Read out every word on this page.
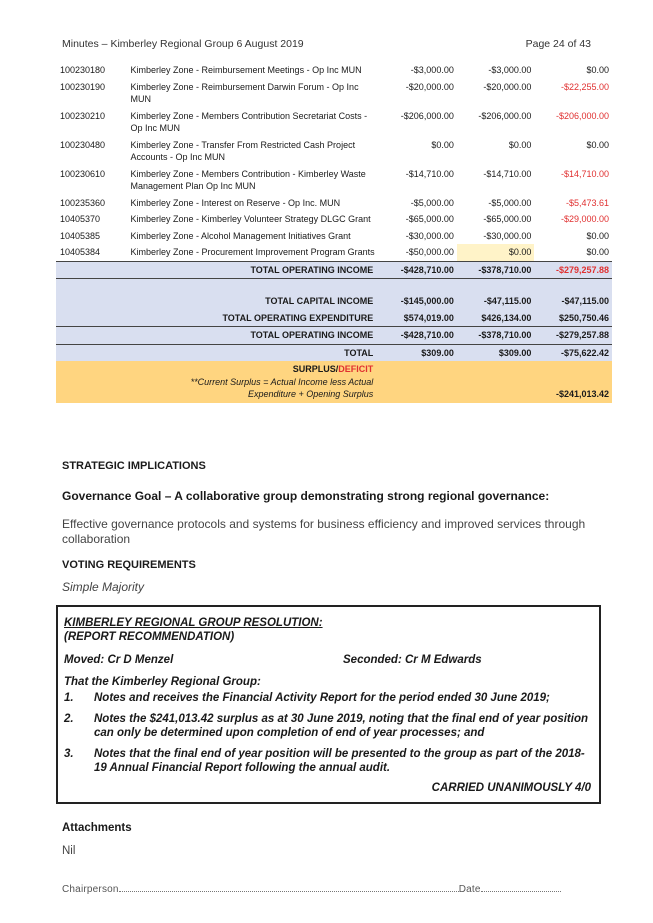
Minutes – Kimberley Regional Group 6 August 2019	Page 24 of 43
100230180	Kimberley Zone - Reimbursement Meetings - Op Inc MUN	-$3,000.00	-$3,000.00	$0.00
100230190	Kimberley Zone - Reimbursement Darwin Forum - Op Inc MUN	-$20,000.00	-$20,000.00	-$22,255.00
100230210	Kimberley Zone - Members Contribution Secretariat Costs - Op Inc MUN	-$206,000.00	-$206,000.00	-$206,000.00
100230480	Kimberley Zone - Transfer From Restricted Cash Project Accounts - Op Inc MUN	$0.00	$0.00	$0.00
100230610	Kimberley Zone - Members Contribution - Kimberley Waste Management Plan Op Inc MUN	-$14,710.00	-$14,710.00	-$14,710.00
100235360	Kimberley Zone - Interest on Reserve - Op Inc. MUN	-$5,000.00	-$5,000.00	-$5,473.61
10405370	Kimberley Zone - Kimberley Volunteer Strategy DLGC Grant	-$65,000.00	-$65,000.00	-$29,000.00
10405385	Kimberley Zone - Alcohol Management Initiatives Grant	-$30,000.00	-$30,000.00	$0.00
10405384	Kimberley Zone - Procurement Improvement Program Grants	-$50,000.00	$0.00	$0.00
	TOTAL OPERATING INCOME	-$428,710.00	-$378,710.00	-$279,257.88

	TOTAL CAPITAL INCOME	-$145,000.00	-$47,115.00	-$47,115.00
	TOTAL OPERATING EXPENDITURE	$574,019.00	$426,134.00	$250,750.46
	TOTAL OPERATING INCOME	-$428,710.00	-$378,710.00	-$279,257.88
	TOTAL	$309.00	$309.00	-$75,622.42

	SURPLUS/DEFICIT
**Current Surplus = Actual Income less Actual
Expenditure + Opening Surplus			-$241,013.42
STRATEGIC IMPLICATIONS
Governance Goal – A collaborative group demonstrating strong regional governance:
Effective governance protocols and systems for business efficiency and improved services through collaboration
VOTING REQUIREMENTS
Simple Majority
KIMBERLEY REGIONAL GROUP RESOLUTION:
(REPORT RECOMMENDATION)
Moved: Cr D Menzel	Seconded: Cr M Edwards
That the Kimberley Regional Group:
1. Notes and receives the Financial Activity Report for the period ended 30 June 2019;
2. Notes the $241,013.42 surplus as at 30 June 2019, noting that the final end of year position can only be determined upon completion of end of year processes; and
3. Notes that the final end of year position will be presented to the group as part of the 2018-19 Annual Financial Report following the annual audit.
CARRIED UNANIMOUSLY 4/0
Attachments
Nil
Chairperson	Date
